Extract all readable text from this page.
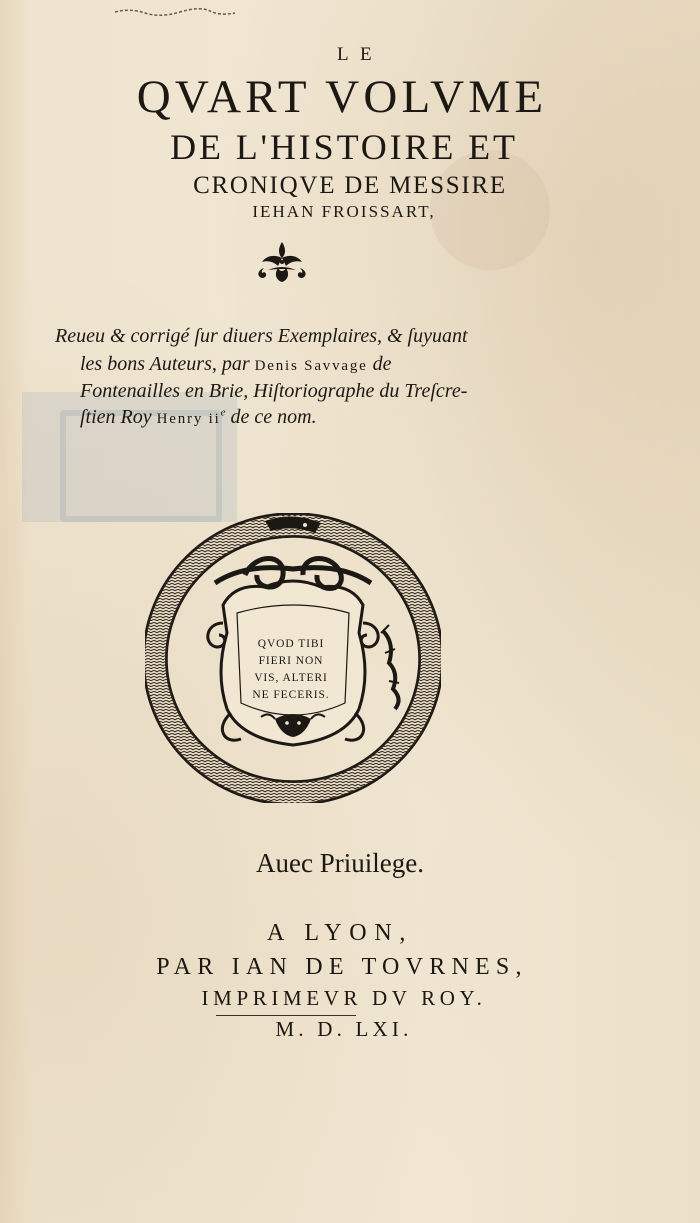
LE
QVART VOLVME
DE L'HISTOIRE ET
CRONIQVE DE MESSIRE
IEHAN FROISSART,
Reueu & corrigé ſur diuers Exemplaires, & ſuyuant
les bons Auteurs, par Denis Savvage de
Fontenailles en Brie, Hiſtoriographe du Treſcre-
ſtien Roy Henry $ii^e$ de ce nom.
QVOD TIBI
FIERI NON
VIS, ALTERI
NE FECERIS.
Auec Priuilege.
A LYON,
PAR IAN DE TOVRNES,
IMPRIMEVR DV ROY.
M. D. LXI.
